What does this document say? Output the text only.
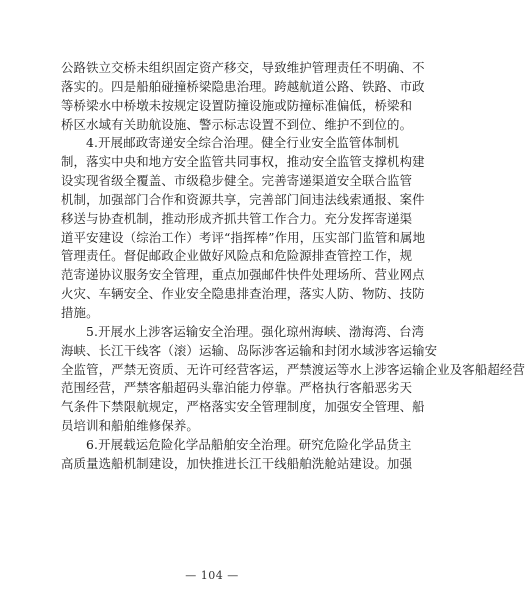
公路铁立交桥未组织固定资产移交，导致维护管理责任不明确、不
落实的。四是船舶碰撞桥梁隐患治理。跨越航道公路、铁路、市政
等桥梁水中桥墩未按规定设置防撞设施或防撞标准偏低，桥梁和
桥区水域有关助航设施、警示标志设置不到位、维护不到位的。
4.开展邮政寄递安全综合治理。健全行业安全监管体制机
制，落实中央和地方安全监管共同事权，推动安全监管支撑机构建
设实现省级全覆盖、市级稳步健全。完善寄递渠道安全联合监管
机制，加强部门合作和资源共享，完善部门间违法线索通报、案件
移送与协查机制，推动形成齐抓共管工作合力。充分发挥寄递渠
道平安建设（综治工作）考评“指挥棒”作用，压实部门监管和属地
管理责任。督促邮政企业做好风险点和危险源排查管控工作，规
范寄递协议服务安全管理，重点加强邮件快件处理场所、营业网点
火灾、车辆安全、作业安全隐患排查治理，落实人防、物防、技防
措施。
5.开展水上涉客运输安全治理。强化琼州海峡、渤海湾、台湾
海峡、长江干线客（滚）运输、岛际涉客运输和封闭水域涉客运输安
全监管，严禁无资质、无许可经营客运，严禁渡运等水上涉客运输企业及客船超经营
范围经营，严禁客船超码头靠泊能力停靠。严格执行客船恶劣天
气条件下禁限航规定，严格落实安全管理制度，加强安全管理、船
员培训和船舶维修保养。
6.开展载运危险化学品船舶安全治理。研究危险化学品货主
高质量选船机制建设，加快推进长江干线船舶洗舱站建设。加强
— 104 —
